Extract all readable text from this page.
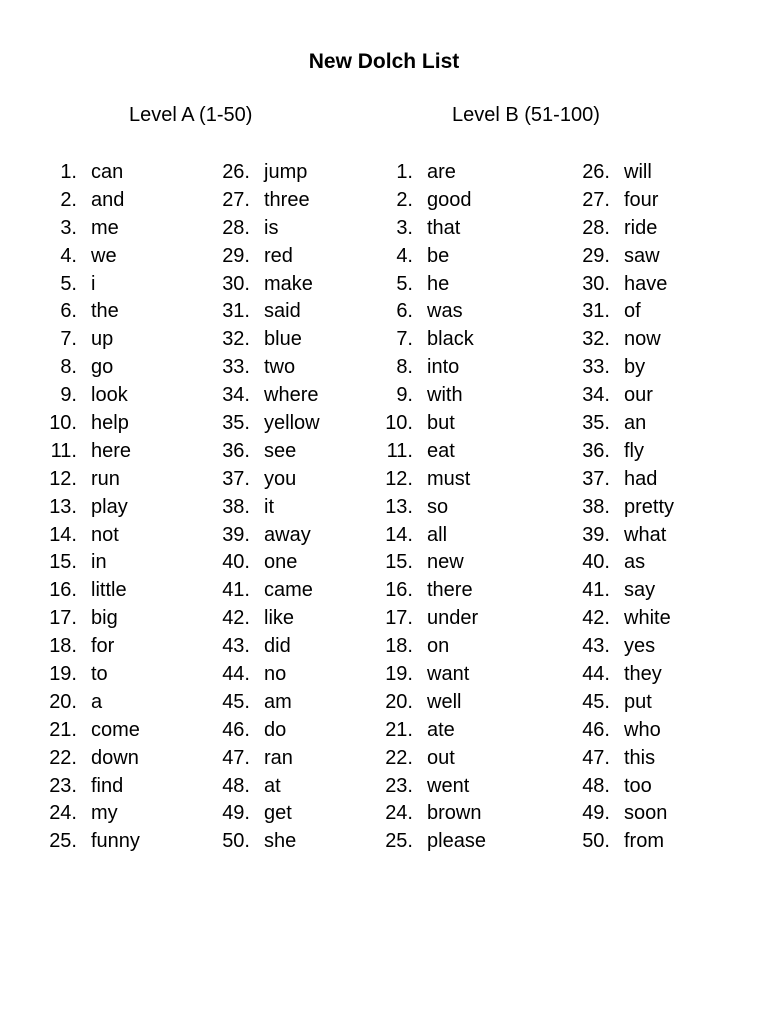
New Dolch List
Level A (1-50)	Level B (51-100)
1. can
2. and
3. me
4. we
5. i
6. the
7. up
8. go
9. look
10. help
11. here
12. run
13. play
14. not
15. in
16. little
17. big
18. for
19. to
20. a
21. come
22. down
23. find
24. my
25. funny
26. jump
27. three
28. is
29. red
30. make
31. said
32. blue
33. two
34. where
35. yellow
36. see
37. you
38. it
39. away
40. one
41. came
42. like
43. did
44. no
45. am
46. do
47. ran
48. at
49. get
50. she
1. are
2. good
3. that
4. be
5. he
6. was
7. black
8. into
9. with
10. but
11. eat
12. must
13. so
14. all
15. new
16. there
17. under
18. on
19. want
20. well
21. ate
22. out
23. went
24. brown
25. please
26. will
27. four
28. ride
29. saw
30. have
31. of
32. now
33. by
34. our
35. an
36. fly
37. had
38. pretty
39. what
40. as
41. say
42. white
43. yes
44. they
45. put
46. who
47. this
48. too
49. soon
50. from
